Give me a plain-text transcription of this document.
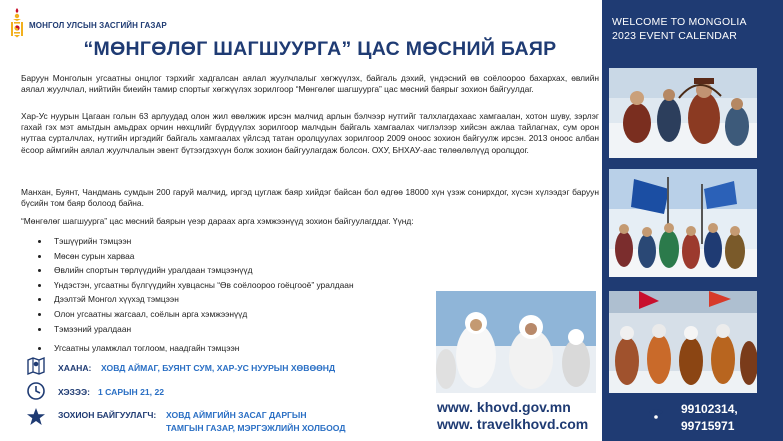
МОНГОЛ УЛСЫН ЗАСГИЙН ГАЗАР
“МӨНГӨЛӨГ ШАГШУУРГА” ЦАС МӨСНИЙ БАЯР
WELCOME TO MONGOLIA
2023 EVENT CALENDAR

Баруун Монголын угсаатны онцлог тэрхийг хадгалсан аялал жуулчлалыг хөгжүүлэх, байгаль дэхий, үндэсний өв соёлоороо бахархах, өвлийн аялал жуулчлал, нийтийн биеийн тамир спортыг хөгжүүлэх зорилгоор “Мөнгөлөг шагшуурга” цас мөсний баярыг зохион байгуулдаг.

Хар-Ус нуурын Цагаан голын 63 арлуудад олон жил өвөлжиж ирсэн малчид арлын бэлчээр нутгийг талхлагдахаас хамгаалан, хотон шуву, зэрлэг гахай гэх мэт амьтдын амьдрах орчин нөхцлийг бүрдүүлэх зорилгоор малчдын байгаль хамгаалах чиглэлээр хийсэн ажлаа тайлагнах, сум орон нутгаа сурталчлах, нутгийн иргэдийг байгаль хамгаалах үйлсэд татан оролцуулах зорилгоор 2009 оноос зохион байгуулж ирсэн. 2013 оноос албан ёсоор аймгийн аялал жуулчлалын эвент бүтээгдэхүүн болж зохион байгуулагдаж болсон. ОХУ, БНХАУ-аас төлөөлөлүүд оролцдог.

Манхан, Буянт, Чандмань сумдын 200 гаруй малчид, иргэд цуглаж баяр хийдэг байсан бол өдгөө 18000 хүн үзэж сонирхдог, хүсэн хүлээдэг баруун бүсийн том баяр болоод байна.

“Мөнгөлөг шагшуурга” цас мөсний баярын үеэр дараах арга хэмжээнүүд зохион байгуулагддаг. Үүнд:

Тэшүүрийн тэмцээн
Мөсөн сурын харваа
Өвлийн спортын төрлүүдийн уралдаан тэмцээнүүд
Үндэстэн, угсаатны бүлгүүдийн хувцасны “Өв соёлоороо гоёцгооё” уралдаан
Дээлтэй Монгол хүүхэд тэмцээн
Олон угсаатны жагсаал, соёлын арга хэмжээнүүд
Тэмээний уралдаан
Угсаатны уламжлал тоглоом, наадгайн тэмцээн
ХААНА: ХОВД АЙМАГ, БУЯНТ СУМ, ХАР-УС НУУРЫН ХӨВӨӨНД
ХЭЗЭЭ: 1 САРЫН 21, 22
ЗОХИОН БАЙГУУЛАГЧ: ХОВД АЙМГИЙН ЗАСАГ ДАРГЫН
ТАМГЫН ГАЗАР, МЭРГЭЖЛИЙН ХОЛБООД
www. khovd.gov.mn
www. travelkhovd.com
99102314,
99715971
